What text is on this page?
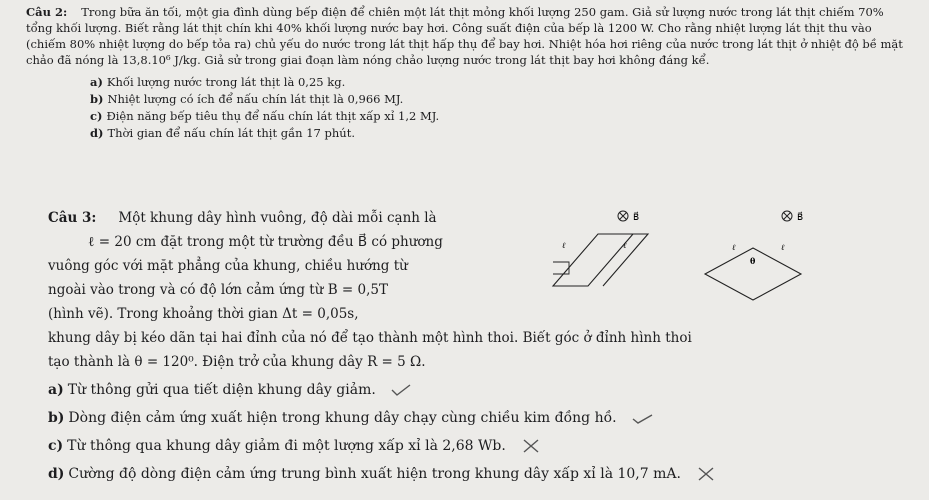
Câu 2: Trong bữa ăn tối, một gia đình dùng bếp điện để chiên một lát thịt mỏng khối lượng 250 gam. Giả sử lượng nước trong lát thịt chiếm 70% tổng khối lượng. Biết rằng lát thịt chín khi 40% khối lượng nước bay hơi. Công suất điện của bếp là 1200 W. Cho rằng nhiệt lượng lát thịt thu vào (chiếm 80% nhiệt lượng do bếp tỏa ra) chủ yếu do nước trong lát thịt hấp thụ để bay hơi. Nhiệt hóa hơi riêng của nước trong lát thịt ở nhiệt độ bề mặt chảo đã nóng là 13,8.10⁶ J/kg. Giả sử trong giai đoạn làm nóng chảo lượng nước trong lát thịt bay hơi không đáng kể.

a) Khối lượng nước trong lát thịt là 0,25 kg.
b) Nhiệt lượng có ích để nấu chín lát thịt là 0,966 MJ.
c) Điện năng bếp tiêu thụ để nấu chín lát thịt xấp xỉ 1,2 MJ.
d) Thời gian để nấu chín lát thịt gần 17 phút.
Câu 3: Một khung dây hình vuông, độ dài mỗi cạnh là
ℓ = 20 cm đặt trong một từ trường đều B⃗ có phương
vuông góc với mặt phẳng của khung, chiều hướng từ
ngoài vào trong và có độ lớn cảm ứng từ B = 0,5T
(hình vẽ). Trong khoảng thời gian Δt = 0,05s,
khung dây bị kéo dãn tại hai đỉnh của nó để tạo thành một hình thoi. Biết góc ở đỉnh hình thoi
tạo thành là θ = 120⁰. Điện trở của khung dây R = 5 Ω.
a) Từ thông gửi qua tiết diện khung dây giảm.
b) Dòng điện cảm ứng xuất hiện trong khung dây chạy cùng chiều kim đồng hồ.
c) Từ thông qua khung dây giảm đi một lượng xấp xỉ là 2,68 Wb.
d) Cường độ dòng điện cảm ứng trung bình xuất hiện trong khung dây xấp xỉ là 10,7 mA.
B⃗
ℓ	ℓ
B⃗
ℓ	ℓ
θ
